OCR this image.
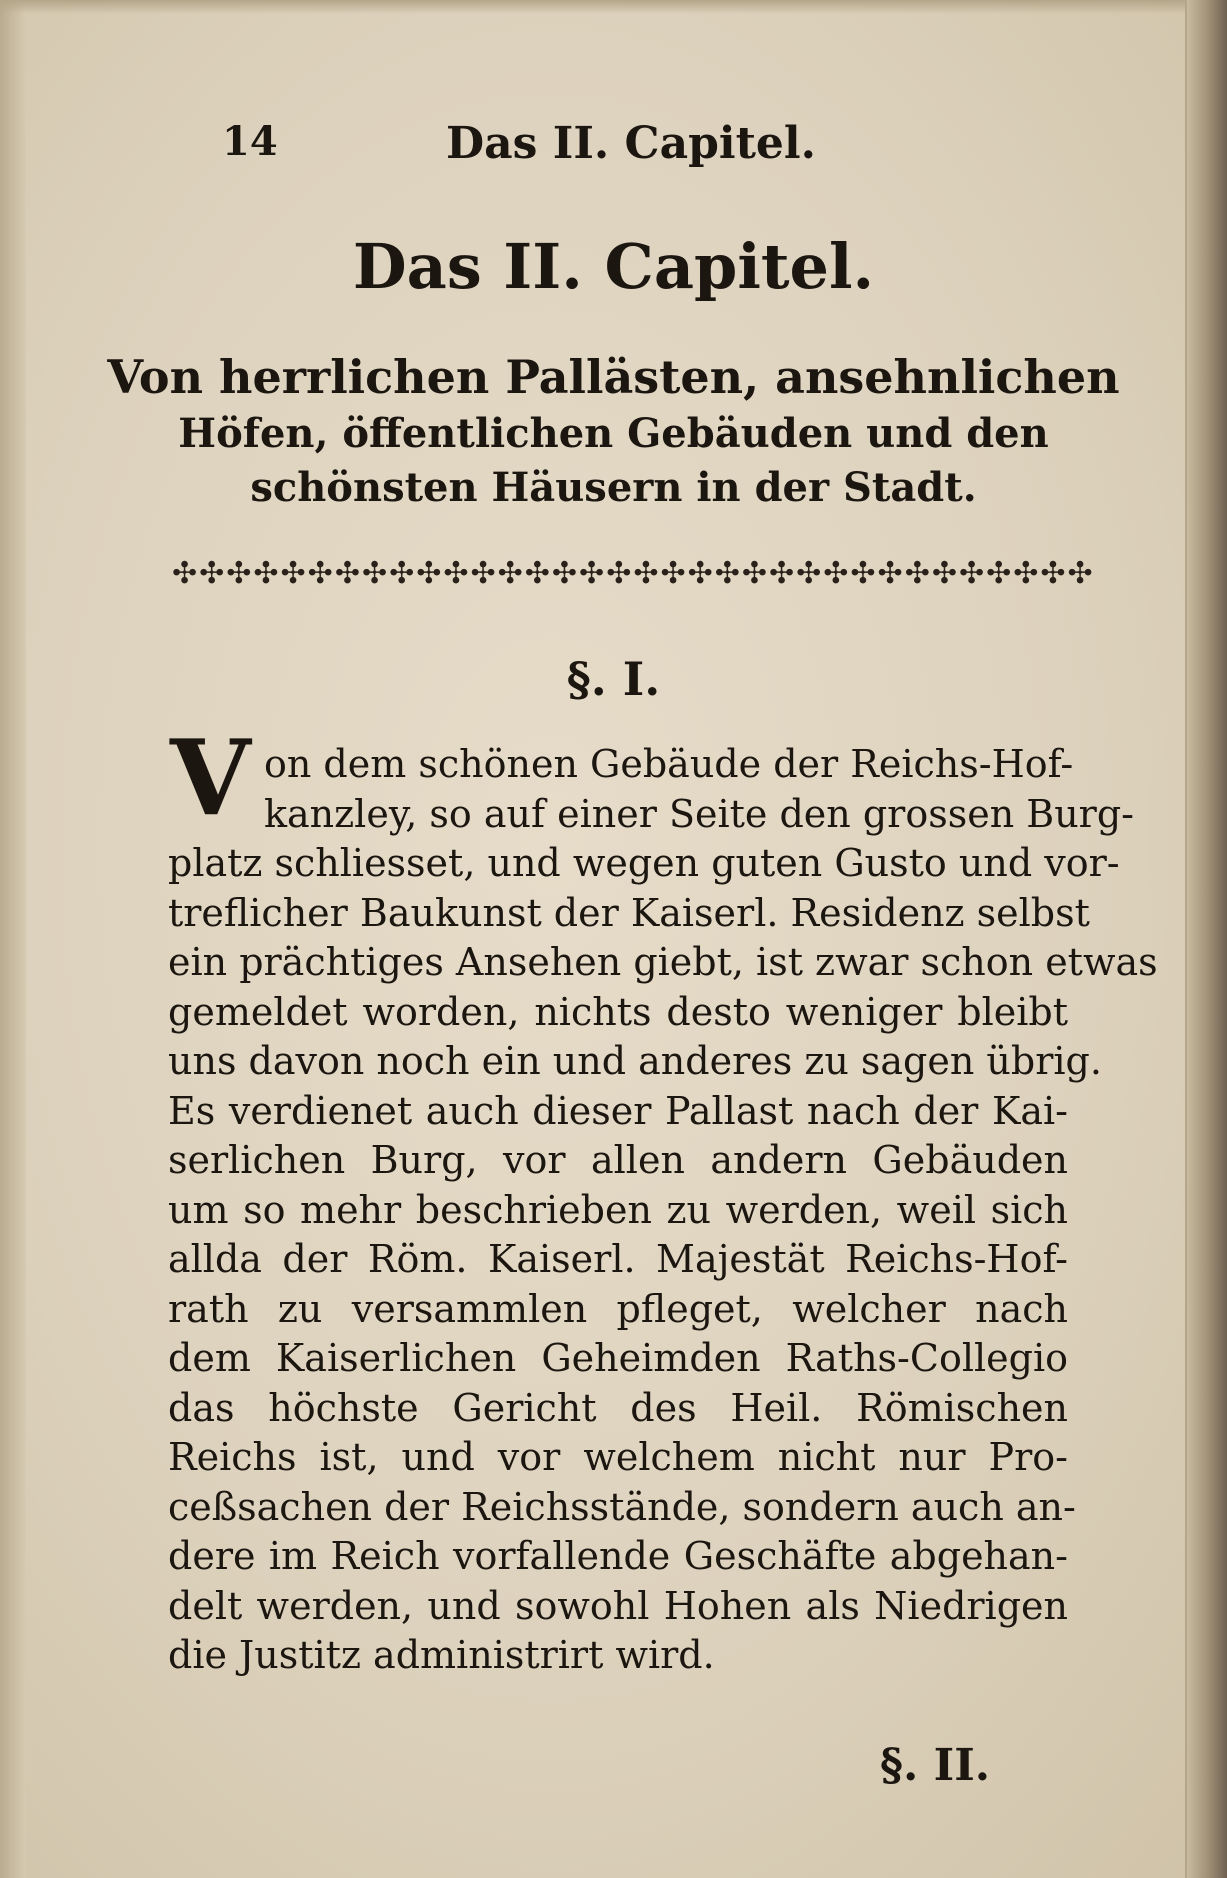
14	Das II. Capitel.
Das II. Capitel.
Von herrlichen Pallästen, ansehnlichen
Höfen, öffentlichen Gebäuden und den
schönsten Häusern in der Stadt.
✣✣✣✣✣✣✣✣✣✣✣✣✣✣✣✣✣✣✣✣✣✣✣✣✣✣✣✣✣✣✣✣✣✣
§. I.
V on dem schönen Gebäude der Reichs-Hof-
kanzley, so auf einer Seite den grossen Burg-
platz schliesset, und wegen guten Gusto und vor-
treflicher Baukunst der Kaiserl. Residenz selbst
ein prächtiges Ansehen giebt, ist zwar schon etwas
gemeldet worden, nichts desto weniger bleibt
uns davon noch ein und anderes zu sagen übrig.
Es verdienet auch dieser Pallast nach der Kai-
serlichen Burg, vor allen andern Gebäuden
um so mehr beschrieben zu werden, weil sich
allda der Röm. Kaiserl. Majestät Reichs-Hof-
rath zu versammlen pfleget, welcher nach
dem Kaiserlichen Geheimden Raths-Collegio
das höchste Gericht des Heil. Römischen
Reichs ist, und vor welchem nicht nur Pro-
ceßsachen der Reichsstände, sondern auch an-
dere im Reich vorfallende Geschäfte abgehan-
delt werden, und sowohl Hohen als Niedrigen
die Justitz administrirt wird.
§. II.
